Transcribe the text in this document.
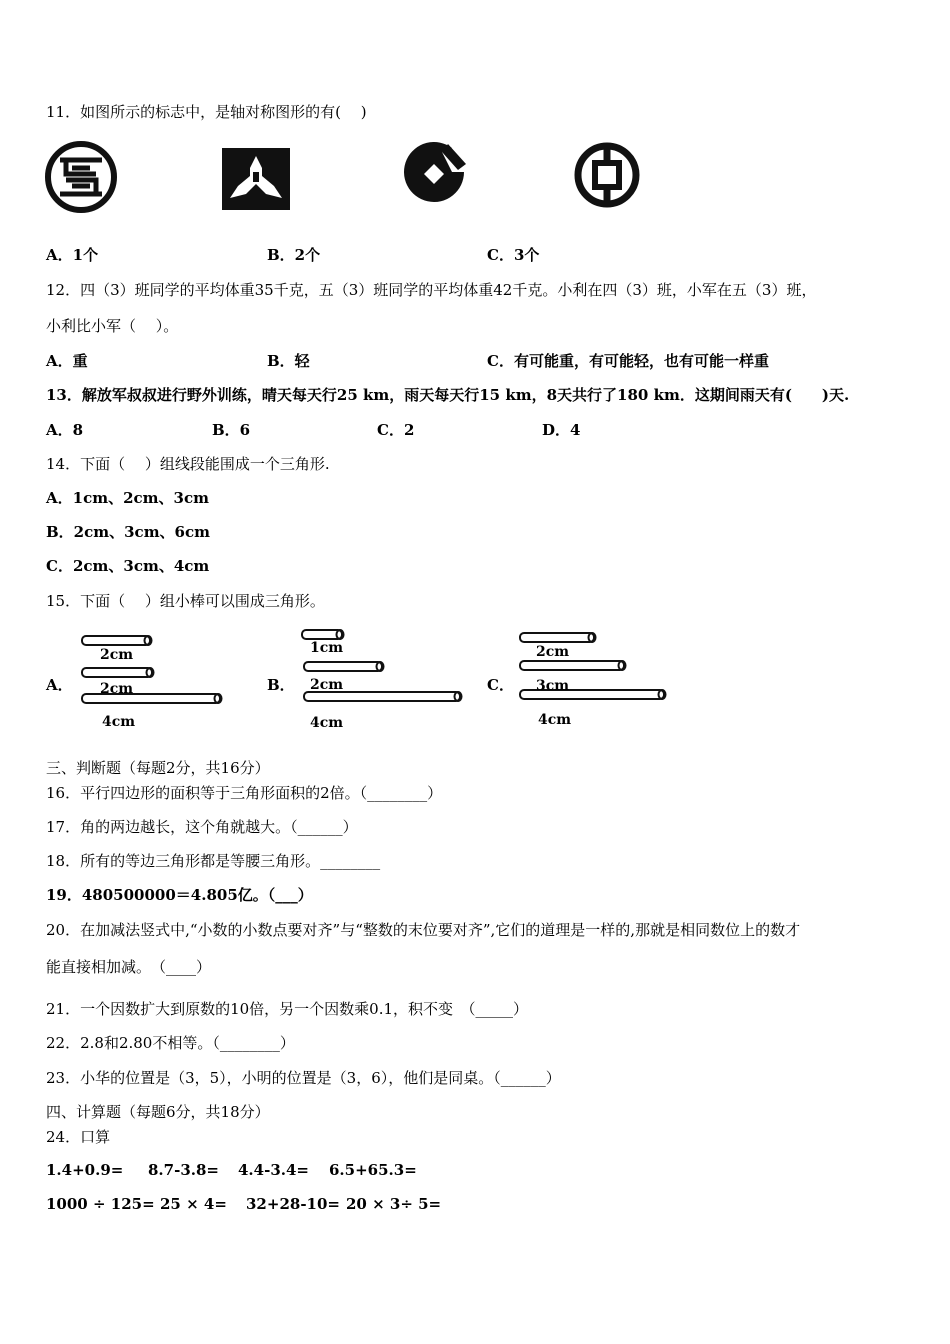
11．如图所示的标志中，是轴对称图形的有(　 )
A．1个	B．2个	C．3个
12．四（3）班同学的平均体重35千克，五（3）班同学的平均体重42千克。小利在四（3）班，小军在五（3）班，
小利比小军（　 ）。
A．重	B．轻	C．有可能重，有可能轻，也有可能一样重
13．解放军叔叔进行野外训练，晴天每天行25 km，雨天每天行15 km，8天共行了180 km．这期间雨天有(　　)天.
A．8	B．6	C．2	D．4
14．下面（　 ）组线段能围成一个三角形.
A．1cm、2cm、3cm
B．2cm、3cm、6cm
C．2cm、3cm、4cm
15．下面（　 ）组小棒可以围成三角形。
A．
2cm
2cm
4cm
B．
1cm
2cm
4cm
C．
2cm
3cm
4cm
三、判断题（每题2分，共16分）
16．平行四边形的面积等于三角形面积的2倍。（________）
17．角的两边越长，这个角就越大。（______）
18．所有的等边三角形都是等腰三角形。________
19．480500000＝4.805亿。（___）
20．在加减法竖式中,“小数的小数点要对齐”与“整数的末位要对齐”,它们的道理是一样的,那就是相同数位上的数才
能直接相加减。　（____）
21．一个因数扩大到原数的10倍，另一个因数乘0.1，积不变　（_____）
22．2.8和2.80不相等。（________）
23．小华的位置是（3，5），小明的位置是（3，6），他们是同桌。（______）
四、计算题（每题6分，共18分）
24．口算
1.4+0.9= 8.7-3.8= 4.4-3.4= 6.5+65.3=
1000 ÷ 125= 25 × 4= 32+28-10= 20 × 3÷ 5=
